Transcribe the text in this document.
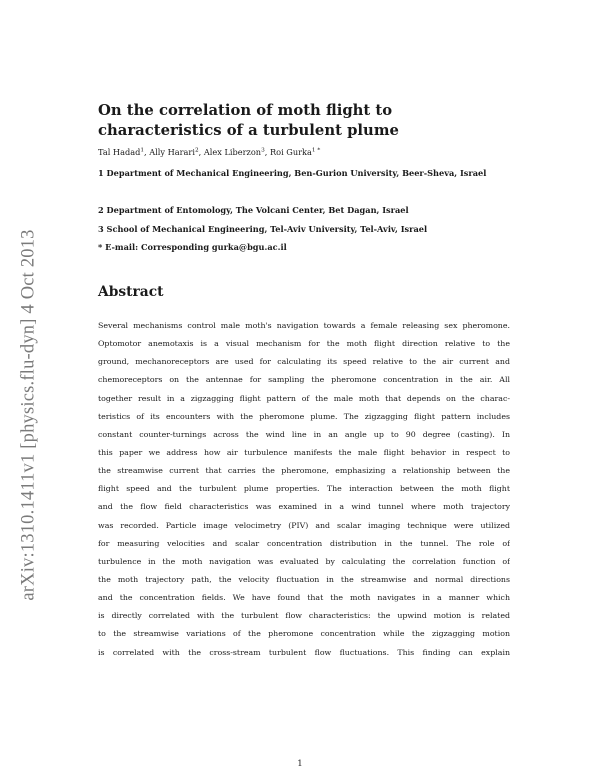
arXiv:1310.1411v1 [physics.flu-dyn] 4 Oct 2013
On the correlation of moth flight to characteristics of a turbulent plume
Tal Hadad$^1$, Ally Harari$^2$, Alex Liberzon$^3$, Roi Gurka$^{1 *}$
1 Department of Mechanical Engineering, Ben-Gurion University, Beer-Sheva, Israel
2 Department of Entomology, The Volcani Center, Bet Dagan, Israel
3 School of Mechanical Engineering, Tel-Aviv University, Tel-Aviv, Israel
* E-mail: Corresponding gurka@bgu.ac.il
Abstract
Several mechanisms control male moth's navigation towards a female releasing sex pheromone.
Optomotor anemotaxis is a visual mechanism for the moth flight direction relative to the
ground, mechanoreceptors are used for calculating its speed relative to the air current and
chemoreceptors on the antennae for sampling the pheromone concentration in the air. All
together result in a zigzagging flight pattern of the male moth that depends on the charac-
teristics of its encounters with the pheromone plume. The zigzagging flight pattern includes
constant counter-turnings across the wind line in an angle up to 90 degree (casting). In
this paper we address how air turbulence manifests the male flight behavior in respect to
the streamwise current that carries the pheromone, emphasizing a relationship between the
flight speed and the turbulent plume properties. The interaction between the moth flight
and the flow field characteristics was examined in a wind tunnel where moth trajectory
was recorded. Particle image velocimetry (PIV) and scalar imaging technique were utilized
for measuring velocities and scalar concentration distribution in the tunnel. The role of
turbulence in the moth navigation was evaluated by calculating the correlation function of
the moth trajectory path, the velocity fluctuation in the streamwise and normal directions
and the concentration fields. We have found that the moth navigates in a manner which
is directly correlated with the turbulent flow characteristics: the upwind motion is related
to the streamwise variations of the pheromone concentration while the zigzagging motion
is correlated with the cross-stream turbulent flow fluctuations. This finding can explain
1
